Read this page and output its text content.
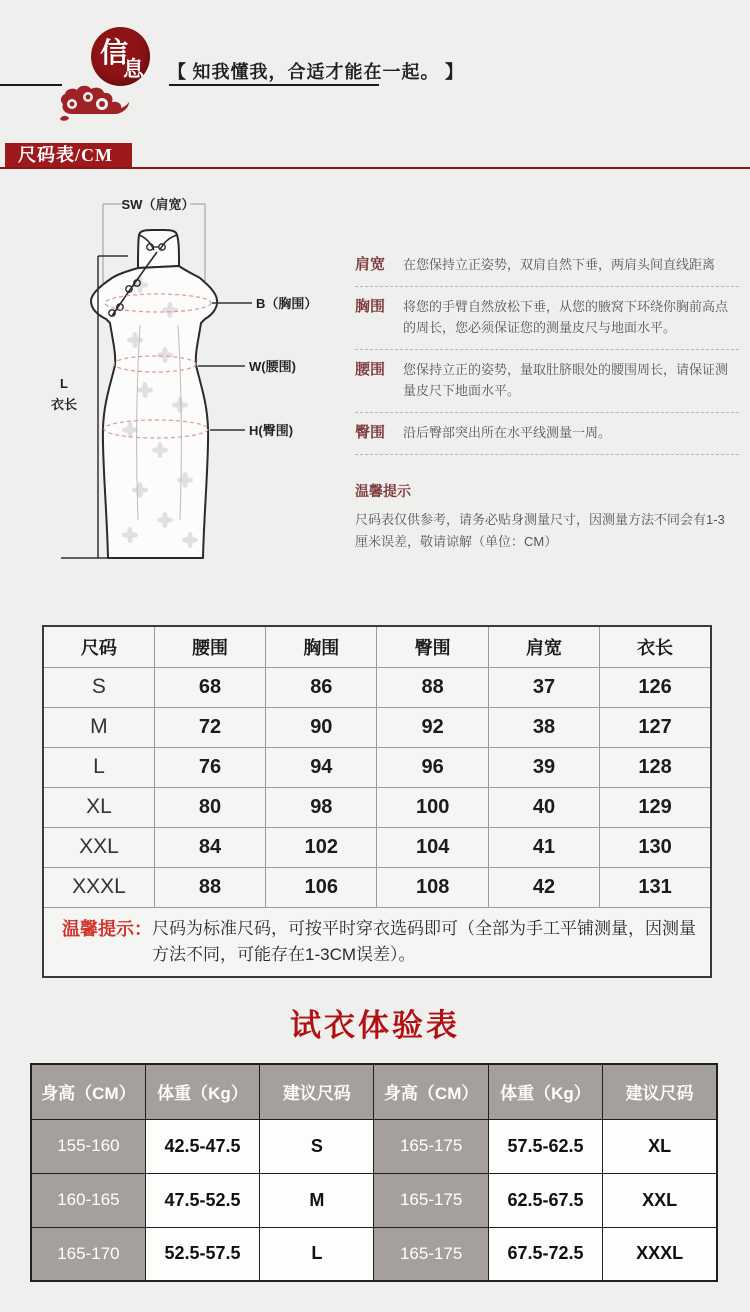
信
息 【 知我懂我，合适才能在一起。 】
尺码表/CM
SW（肩宽）
B（胸围）
W(腰围)
H(臀围)
L
衣长
肩宽	在您保持立正姿势，双肩自然下垂，两肩头间直线距离
胸围	将您的手臂自然放松下垂，从您的腋窝下环绕你胸前高点的周长，您必须保证您的测量皮尺与地面水平。
腰围	您保持立正的姿势，量取肚脐眼处的腰围周长，请保证测量皮尺下地面水平。
臀围	沿后臀部突出所在水平线测量一周。
温馨提示
尺码表仅供参考，请务必贴身测量尺寸，因测量方法不同会有1-3厘米误差，敬请谅解（单位：CM）
尺码	腰围	胸围	臀围	肩宽	衣长
S	68	86	88	37	126
M	72	90	92	38	127
L	76	94	96	39	128
XL	80	98	100	40	129
XXL	84	102	104	41	130
XXXL	88	106	108	42	131

温馨提示： 尺码为标准尺码，可按平时穿衣选码即可（全部为手工平铺测量，因测量方法不同，可能存在1-3CM误差）。					
试衣体验表
身高（CM）	体重（Kg）	建议尺码	身高（CM）	体重（Kg）	建议尺码
155-160	42.5-47.5	S	165-175	57.5-62.5	XL
160-165	47.5-52.5	M	165-175	62.5-67.5	XXL
165-170	52.5-57.5	L	165-175	67.5-72.5	XXXL
